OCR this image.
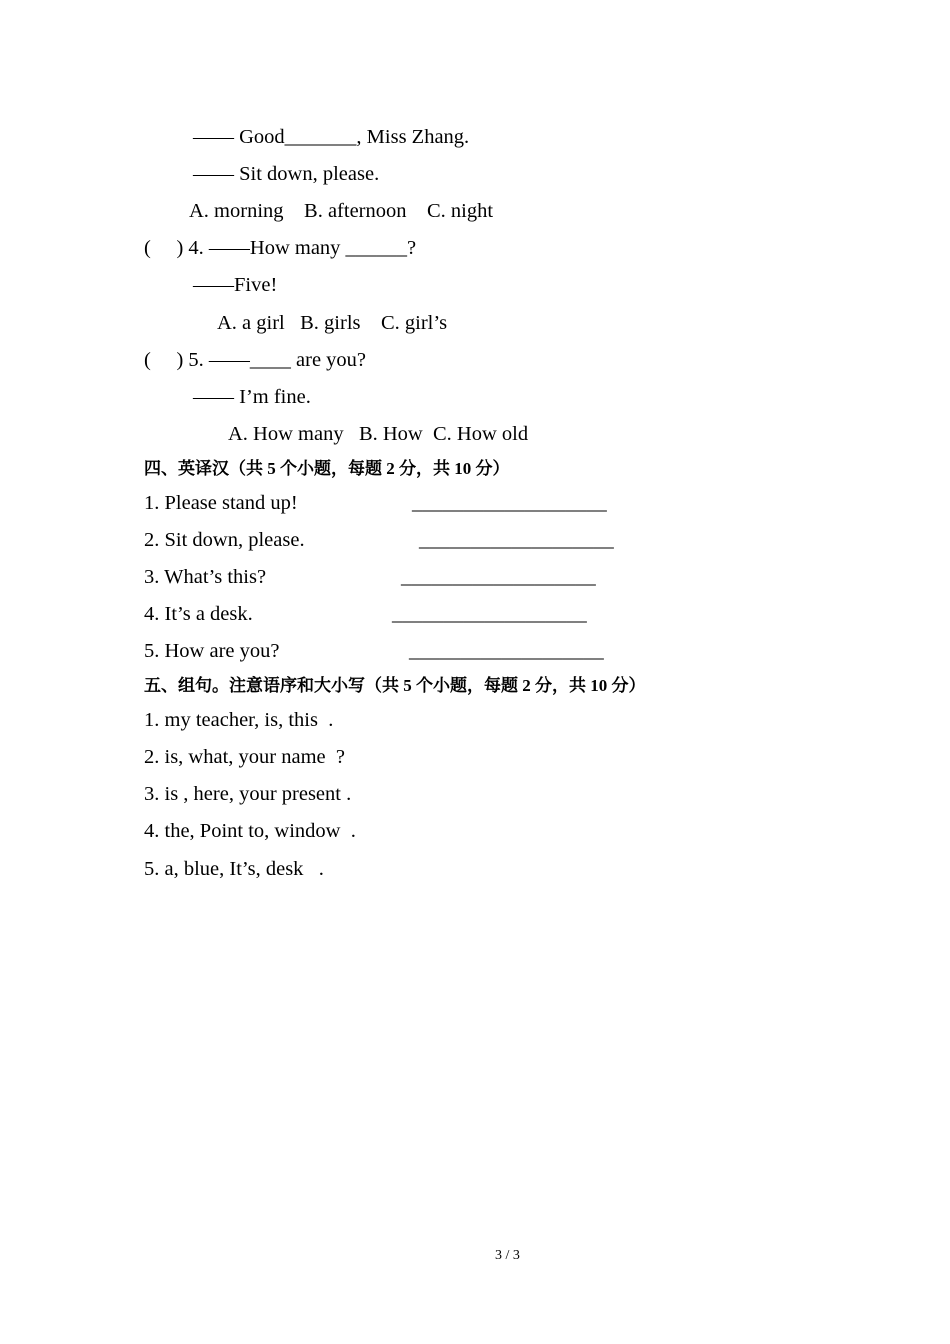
—— Good_______, Miss Zhang.
—— Sit down, please.
A. morning    B. afternoon    C. night
(     ) 4. ——How many ______?
——Five!
A. a girl   B. girls    C. girl’s
(     ) 5. ——____ are you?
—— I’m fine.
A. How many   B. How  C. How old
四、英译汉（共 5 个小题，每题 2 分，共 10 分）
1. Please stand up!	___________________
2. Sit down, please.	___________________
3. What’s this?	___________________
4. It’s a desk.	___________________
5. How are you?	___________________
五、组句。注意语序和大小写（共 5 个小题，每题 2 分，共 10 分）
1. my teacher, is, this  .
2. is, what, your name  ?
3. is , here, your present .
4. the, Point to, window  .
5. a, blue, It’s, desk   .
3 / 3
